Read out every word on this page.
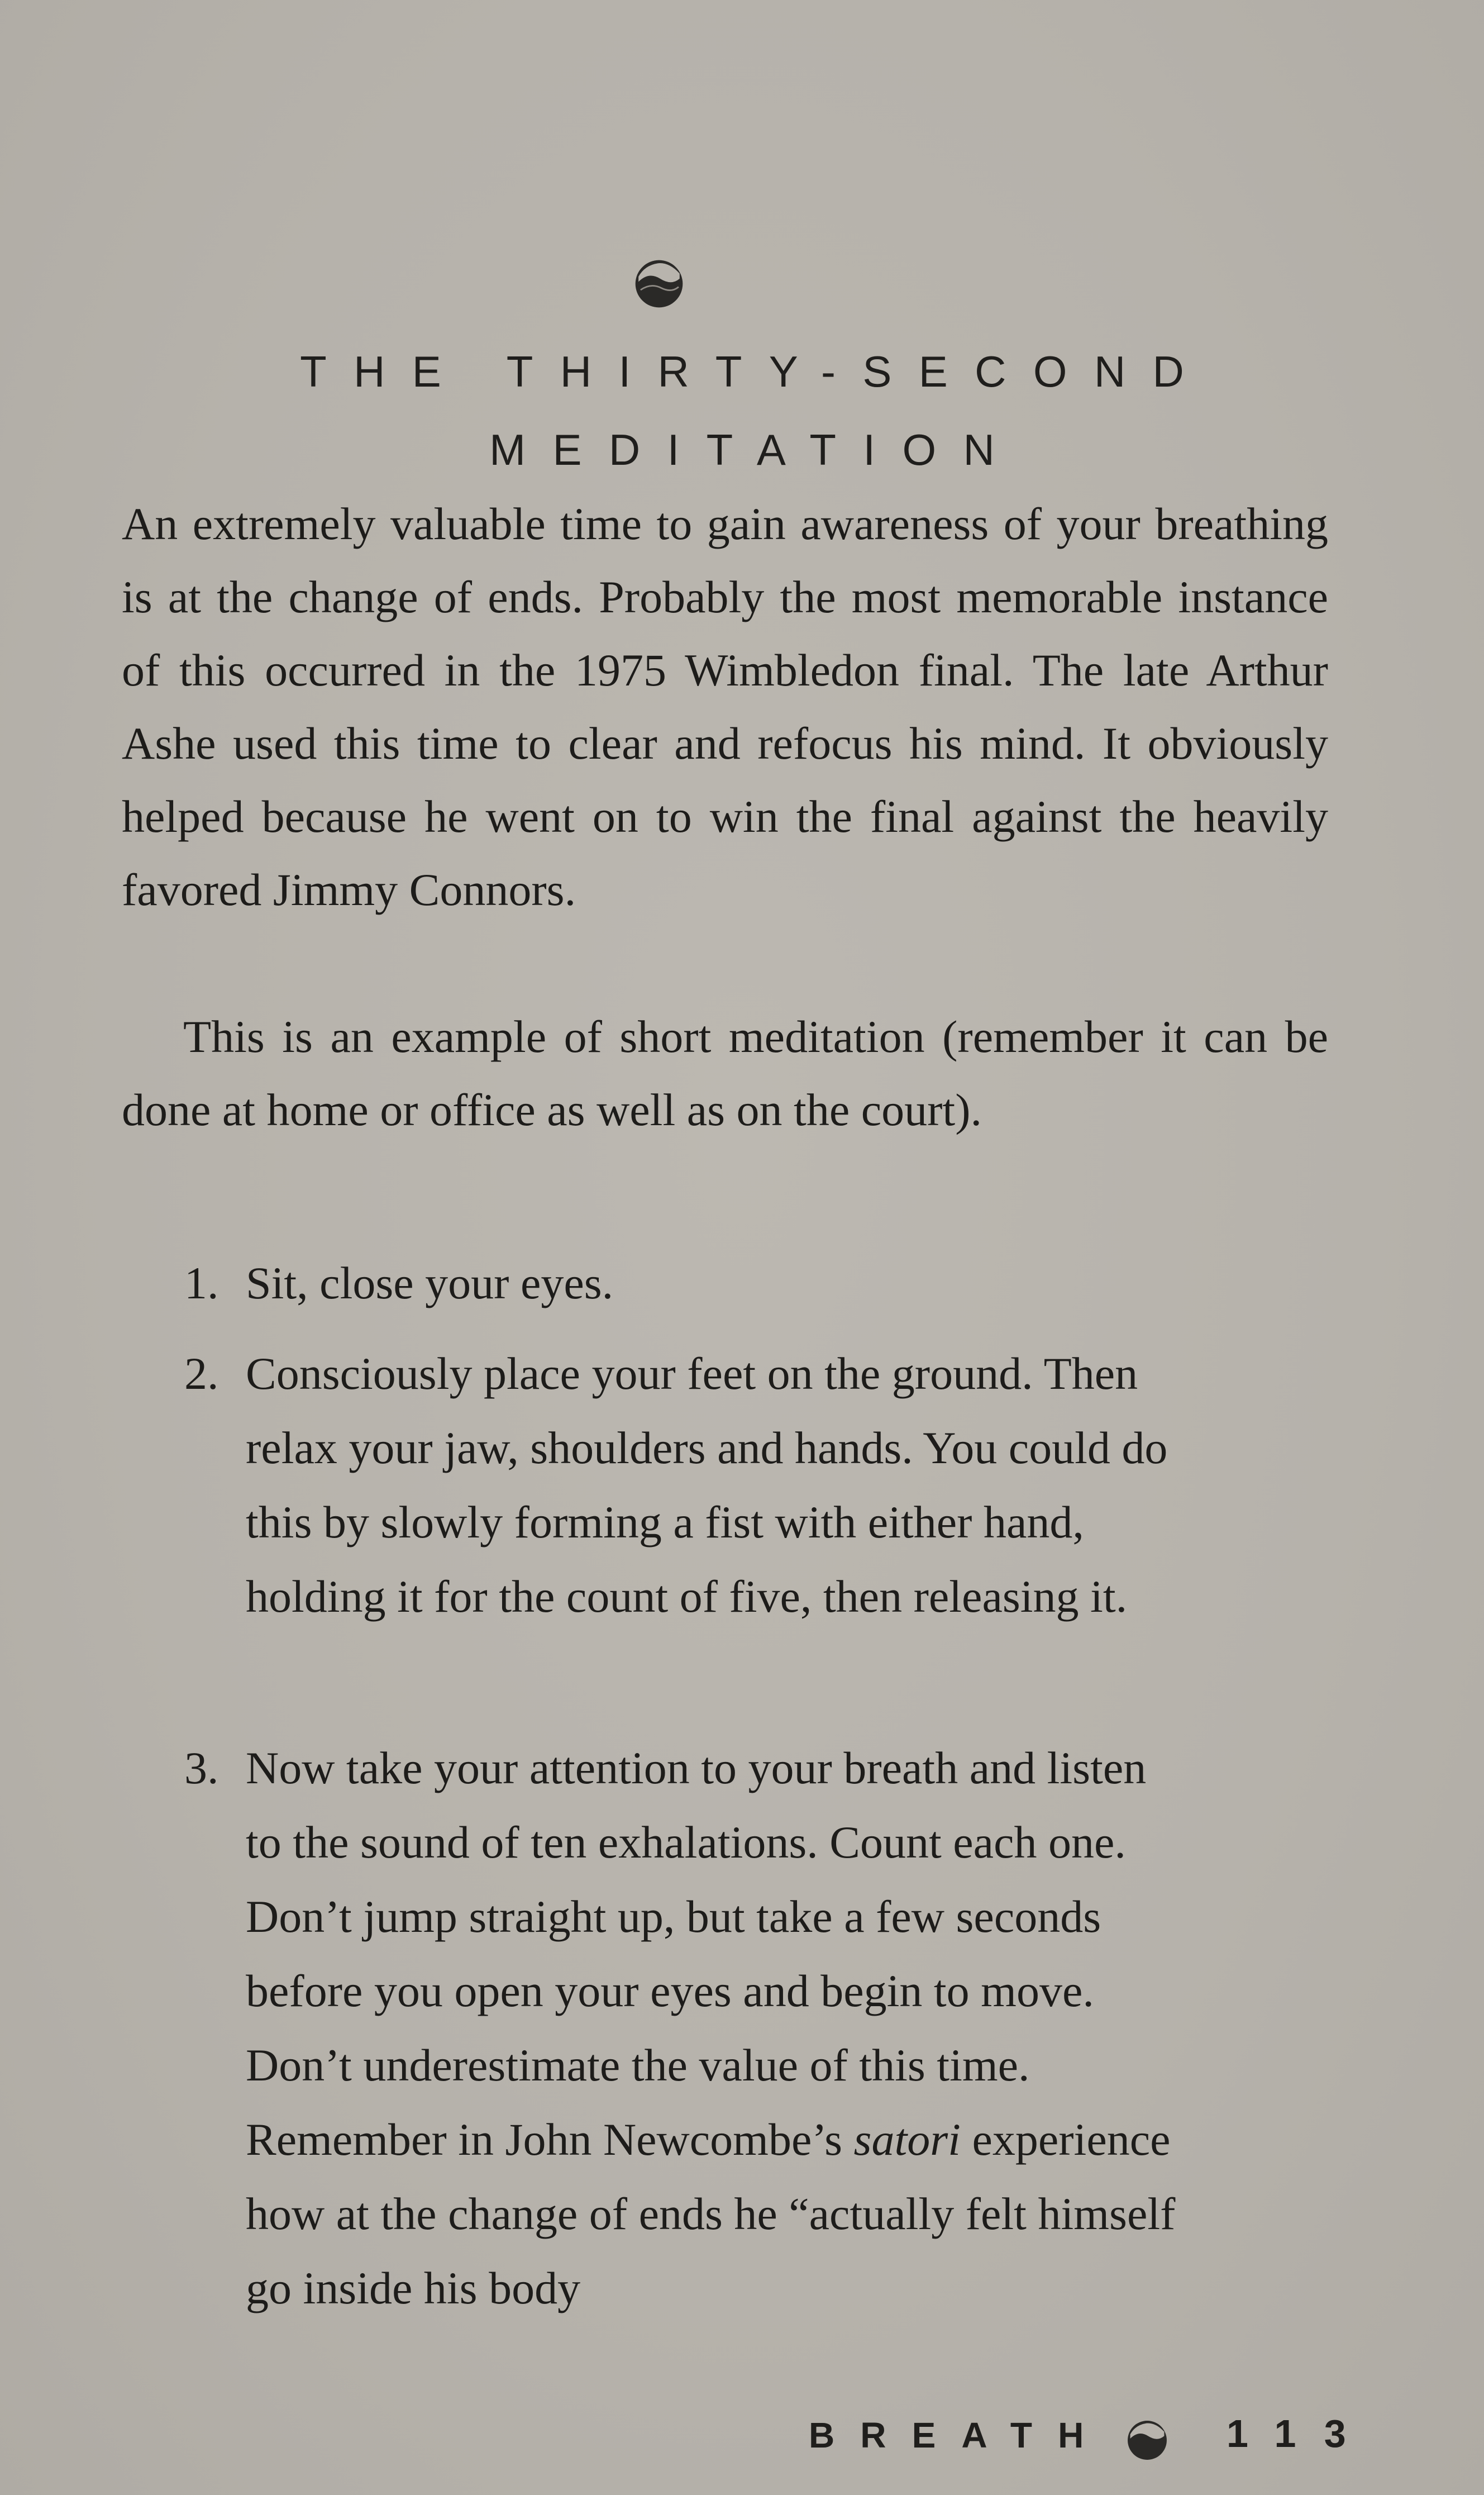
THE THIRTY-SECOND
MEDITATION

An extremely valuable time to gain awareness of your breathing is at the change of ends. Probably the most memorable instance of this occurred in the 1975 Wimbledon final. The late Arthur Ashe used this time to clear and refocus his mind. It obviously helped because he went on to win the final against the heavily favored Jimmy Connors.

This is an example of short meditation (remember it can be done at home or office as well as on the court).

1. Sit, close your eyes.
2. Consciously place your feet on the ground. Then relax your jaw, shoulders and hands. You could do this by slowly forming a fist with either hand, holding it for the count of five, then releasing it.
3. Now take your attention to your breath and listen to the sound of ten exhalations. Count each one. Don’t jump straight up, but take a few seconds before you open your eyes and begin to move. Don’t underestimate the value of this time. Remember in John Newcombe’s satori experience how at the change of ends he “actually felt himself go inside his body
BREATH	113
